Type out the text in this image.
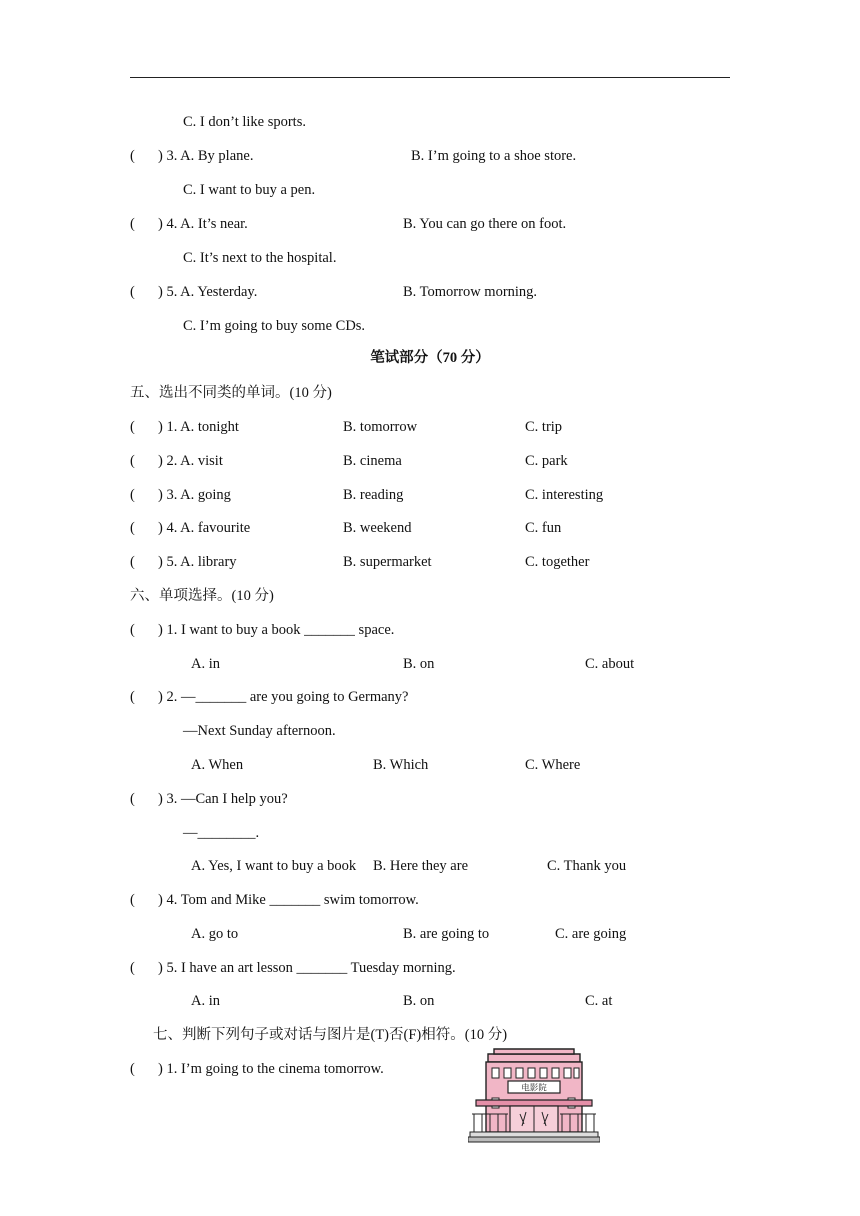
C. I don’t like sports.
( ) 3. A. By plane.	B. I’m going to a shoe store.
C. I want to buy a pen.
( ) 4. A. It’s near.	B. You can go there on foot.
C. It’s next to the hospital.
( ) 5. A. Yesterday.	B. Tomorrow morning.
C. I’m going to buy some CDs.
笔试部分（70 分）
五、选出不同类的单词。(10 分)
( ) 1. A. tonight	B. tomorrow	C. trip
( ) 2. A. visit	B. cinema	C. park
( ) 3. A. going	B. reading	C. interesting
( ) 4. A. favourite	B. weekend	C. fun
( ) 5. A. library	B. supermarket	C. together
六、单项选择。(10 分)
( ) 1. I want to buy a book _______ space.
A. in	B. on	C. about
( ) 2. —_______ are you going to Germany?
—Next Sunday afternoon.
A. When	B. Which	C. Where
( ) 3. —Can I help you?
—________.
A. Yes, I want to buy a book B. Here they are	C. Thank you
( ) 4. Tom and Mike _______ swim tomorrow.
A. go to	B. are going to	C. are going
( ) 5. I have an art lesson _______ Tuesday morning.
A. in	B. on	C. at
七、判断下列句子或对话与图片是(T)否(F)相符。(10 分)
( ) 1. I’m going to the cinema tomorrow.
电影院
